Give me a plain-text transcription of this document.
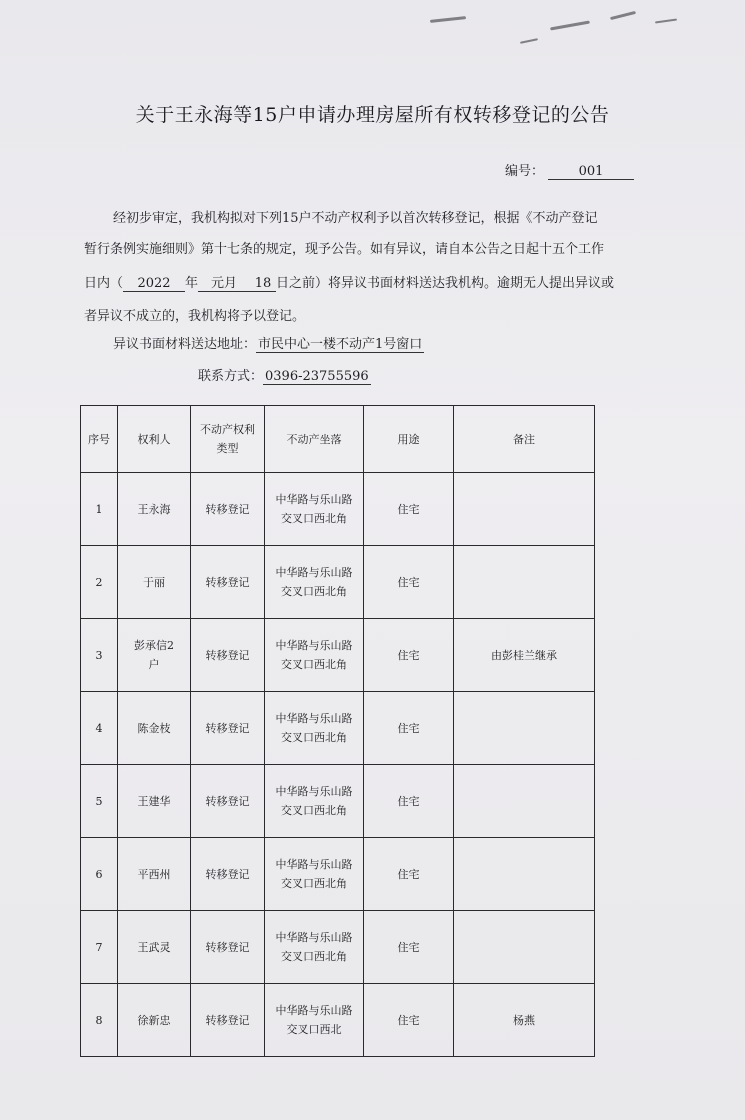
关于王永海等15户申请办理房屋所有权转移登记的公告
编号：	001
经初步审定，我机构拟对下列15户不动产权利予以首次转移登记，根据《不动产登记
暂行条例实施细则》第十七条的规定，现予公告。如有异议，请自本公告之日起十五个工作
日内（ 2022 年 元月 18 日之前）将异议书面材料送达我机构。逾期无人提出异议或
者异议不成立的，我机构将予以登记。
异议书面材料送达地址： 市民中心一楼不动产1号窗口
联系方式： 0396-23755596
序号	权利人	不动产权利类型	不动产坐落	用途	备注
1	王永海	转移登记	中华路与乐山路交叉口西北角	住宅	
2	于丽	转移登记	中华路与乐山路交叉口西北角	住宅	
3	彭承信2户	转移登记	中华路与乐山路交叉口西北角	住宅	由彭桂兰继承
4	陈金枝	转移登记	中华路与乐山路交叉口西北角	住宅	
5	王建华	转移登记	中华路与乐山路交叉口西北角	住宅	
6	平西州	转移登记	中华路与乐山路交叉口西北角	住宅	
7	王武灵	转移登记	中华路与乐山路交叉口西北角	住宅	
8	徐新忠	转移登记	中华路与乐山路交叉口西北	住宅	杨燕
